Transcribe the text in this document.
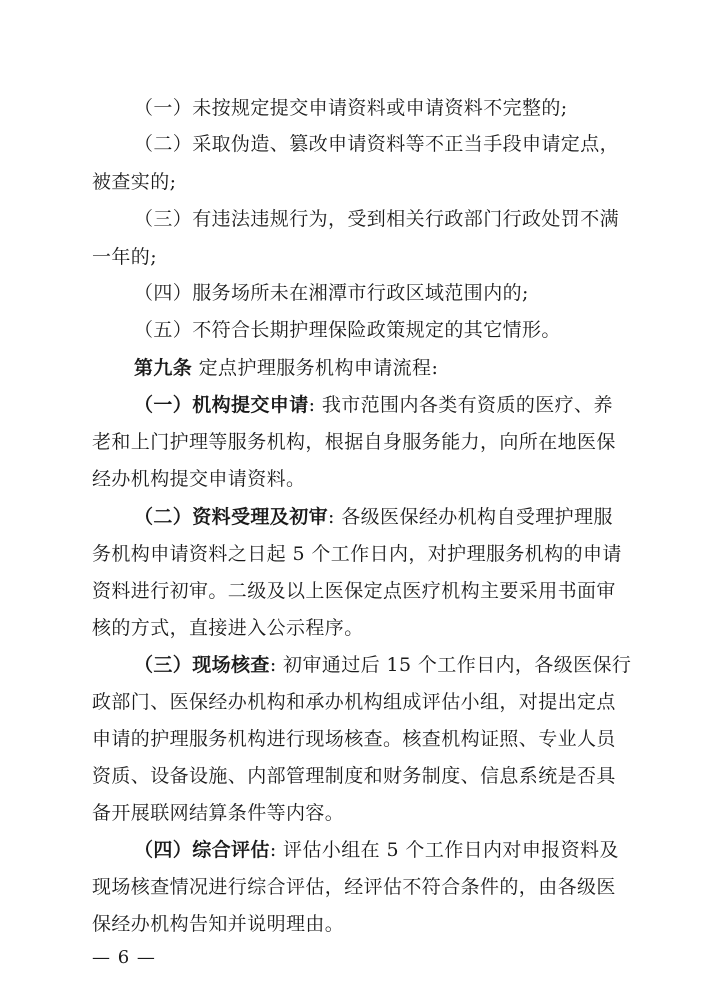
（一）未按规定提交申请资料或申请资料不完整的;
（二）采取伪造、篡改申请资料等不正当手段申请定点，
被查实的;
（三）有违法违规行为，受到相关行政部门行政处罚不满
一年的;
（四）服务场所未在湘潭市行政区域范围内的;
（五）不符合长期护理保险政策规定的其它情形。
第九条 定点护理服务机构申请流程:
（一）机构提交申请: 我市范围内各类有资质的医疗、养
老和上门护理等服务机构，根据自身服务能力，向所在地医保
经办机构提交申请资料。
（二）资料受理及初审: 各级医保经办机构自受理护理服
务机构申请资料之日起 5 个工作日内，对护理服务机构的申请
资料进行初审。二级及以上医保定点医疗机构主要采用书面审
核的方式，直接进入公示程序。
（三）现场核查: 初审通过后 15 个工作日内，各级医保行
政部门、医保经办机构和承办机构组成评估小组，对提出定点
申请的护理服务机构进行现场核查。核查机构证照、专业人员
资质、设备设施、内部管理制度和财务制度、信息系统是否具
备开展联网结算条件等内容。
（四）综合评估: 评估小组在 5 个工作日内对申报资料及
现场核查情况进行综合评估，经评估不符合条件的，由各级医
保经办机构告知并说明理由。
— 6 —
